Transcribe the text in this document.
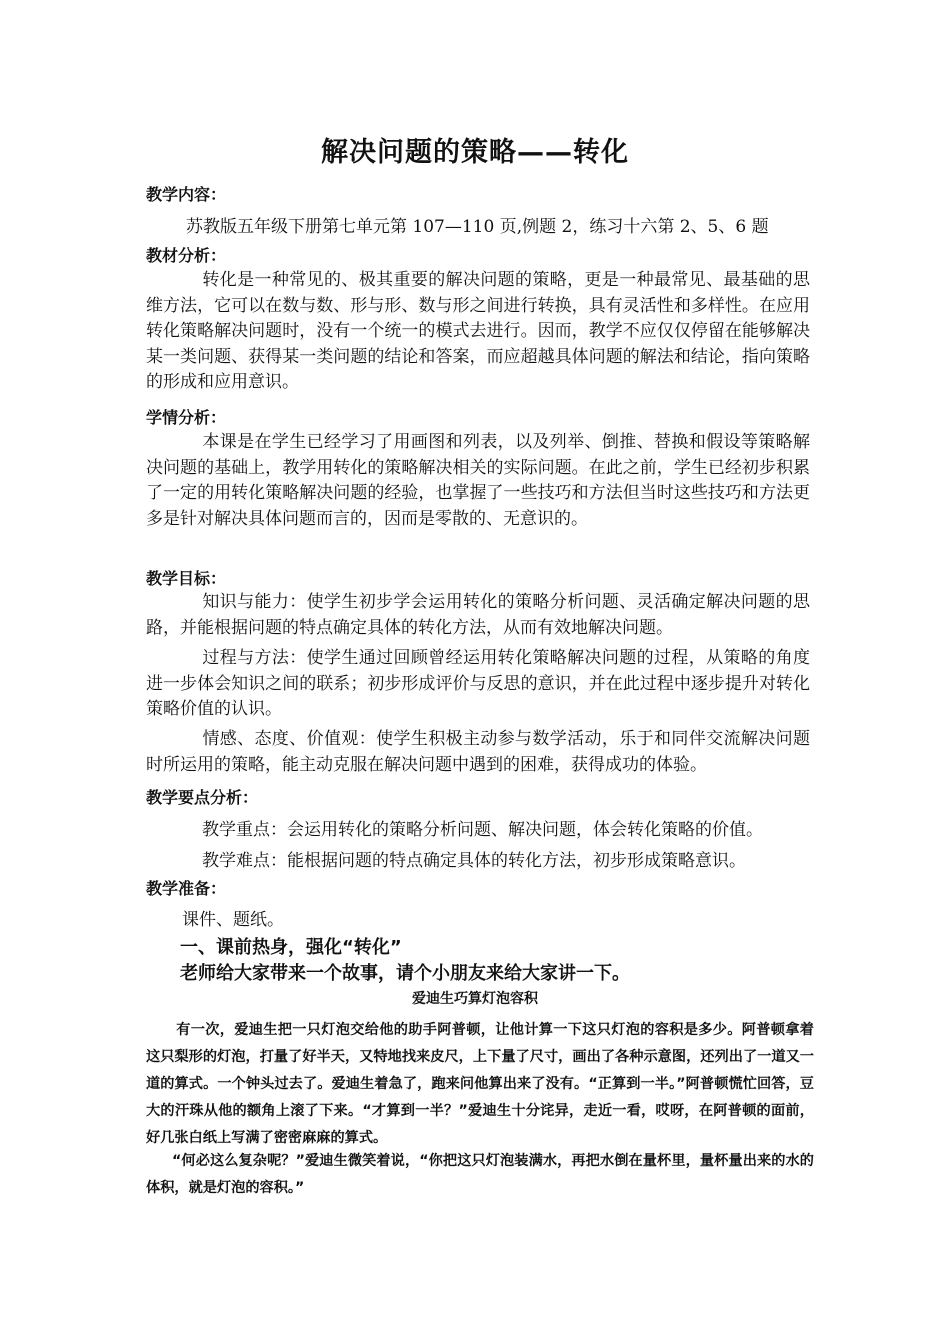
解决问题的策略——转化
教学内容：
苏教版五年级下册第七单元第 107—110 页,例题 2，练习十六第 2、5、6 题
教材分析：
转化是一种常见的、极其重要的解决问题的策略，更是一种最常见、最基础的思维方法，它可以在数与数、形与形、数与形之间进行转换，具有灵活性和多样性。在应用转化策略解决问题时，没有一个统一的模式去进行。因而，教学不应仅仅停留在能够解决某一类问题、获得某一类问题的结论和答案，而应超越具体问题的解法和结论，指向策略的形成和应用意识。
学情分析：
本课是在学生已经学习了用画图和列表，以及列举、倒推、替换和假设等策略解决问题的基础上，教学用转化的策略解决相关的实际问题。在此之前，学生已经初步积累了一定的用转化策略解决问题的经验，也掌握了一些技巧和方法但当时这些技巧和方法更多是针对解决具体问题而言的，因而是零散的、无意识的。
教学目标：
知识与能力：使学生初步学会运用转化的策略分析问题、灵活确定解决问题的思路，并能根据问题的特点确定具体的转化方法，从而有效地解决问题。
过程与方法：使学生通过回顾曾经运用转化策略解决问题的过程，从策略的角度进一步体会知识之间的联系；初步形成评价与反思的意识，并在此过程中逐步提升对转化策略价值的认识。
情感、态度、价值观：使学生积极主动参与数学活动，乐于和同伴交流解决问题时所运用的策略，能主动克服在解决问题中遇到的困难，获得成功的体验。
教学要点分析：
教学重点：会运用转化的策略分析问题、解决问题，体会转化策略的价值。
教学难点：能根据问题的特点确定具体的转化方法，初步形成策略意识。
教学准备：
课件、题纸。
一、课前热身，强化“转化”
老师给大家带来一个故事，请个小朋友来给大家讲一下。
爱迪生巧算灯泡容积
有一次，爱迪生把一只灯泡交给他的助手阿普顿，让他计算一下这只灯泡的容积是多少。阿普顿拿着这只梨形的灯泡，打量了好半天，又特地找来皮尺，上下量了尺寸，画出了各种示意图，还列出了一道又一道的算式。一个钟头过去了。爱迪生着急了，跑来问他算出来了没有。“正算到一半。”阿普顿慌忙回答，豆大的汗珠从他的额角上滚了下来。“才算到一半？”爱迪生十分诧异，走近一看，哎呀，在阿普顿的面前，好几张白纸上写满了密密麻麻的算式。
“何必这么复杂呢？”爱迪生微笑着说，“你把这只灯泡装满水，再把水倒在量杯里，量杯量出来的水的体积，就是灯泡的容积。”
